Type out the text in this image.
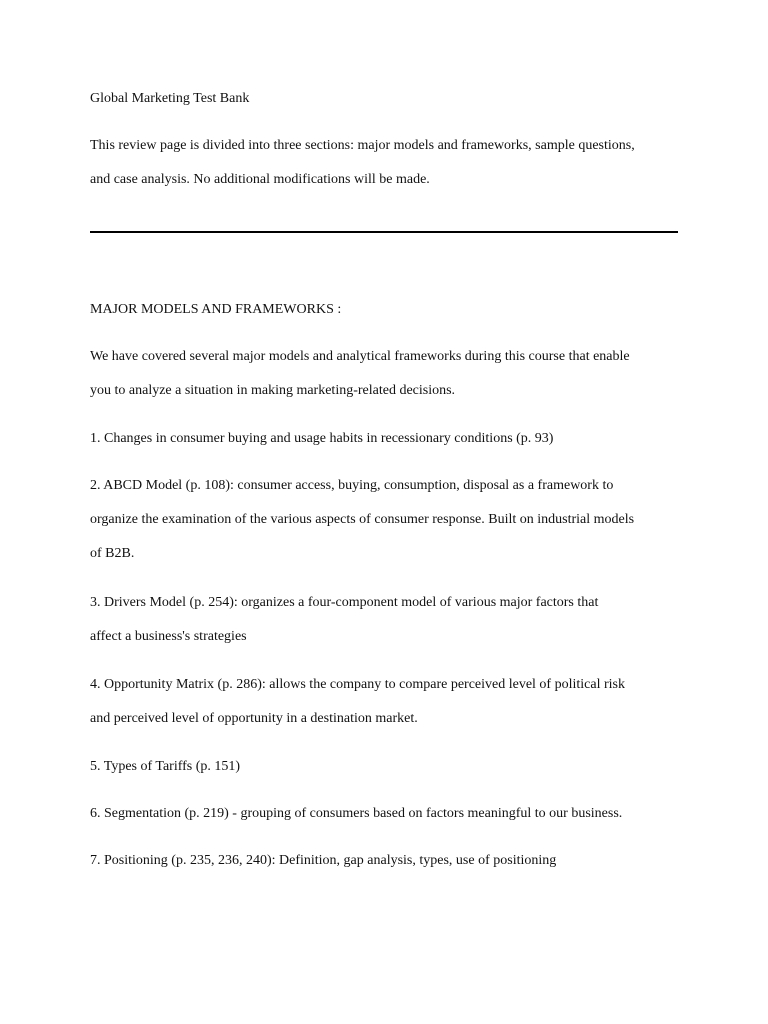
Global Marketing Test Bank

This review page is divided into three sections: major models and frameworks, sample questions,
and case analysis. No additional modifications will be made.

MAJOR MODELS AND FRAMEWORKS :

We have covered several major models and analytical frameworks during this course that enable
you to analyze a situation in making marketing-related decisions.

1. Changes in consumer buying and usage habits in recessionary conditions (p. 93)

2. ABCD Model (p. 108): consumer access, buying, consumption, disposal as a framework to
organize the examination of the various aspects of consumer response. Built on industrial models
of B2B.

3. Drivers Model (p. 254): organizes a four-component model of various major factors that
affect a business's strategies

4. Opportunity Matrix (p. 286): allows the company to compare perceived level of political risk
and perceived level of opportunity in a destination market.

5. Types of Tariffs (p. 151)

6. Segmentation (p. 219) - grouping of consumers based on factors meaningful to our business.

7. Positioning (p. 235, 236, 240): Definition, gap analysis, types, use of positioning
